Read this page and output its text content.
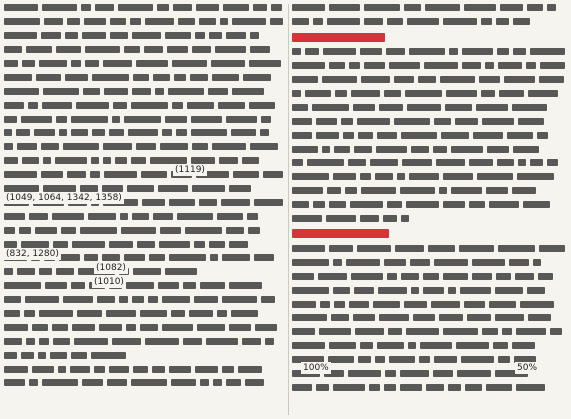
(1119)
(1049, 1064, 1342, 1358)
(832, 1280)
(1082)
(1010)
100%	50%
